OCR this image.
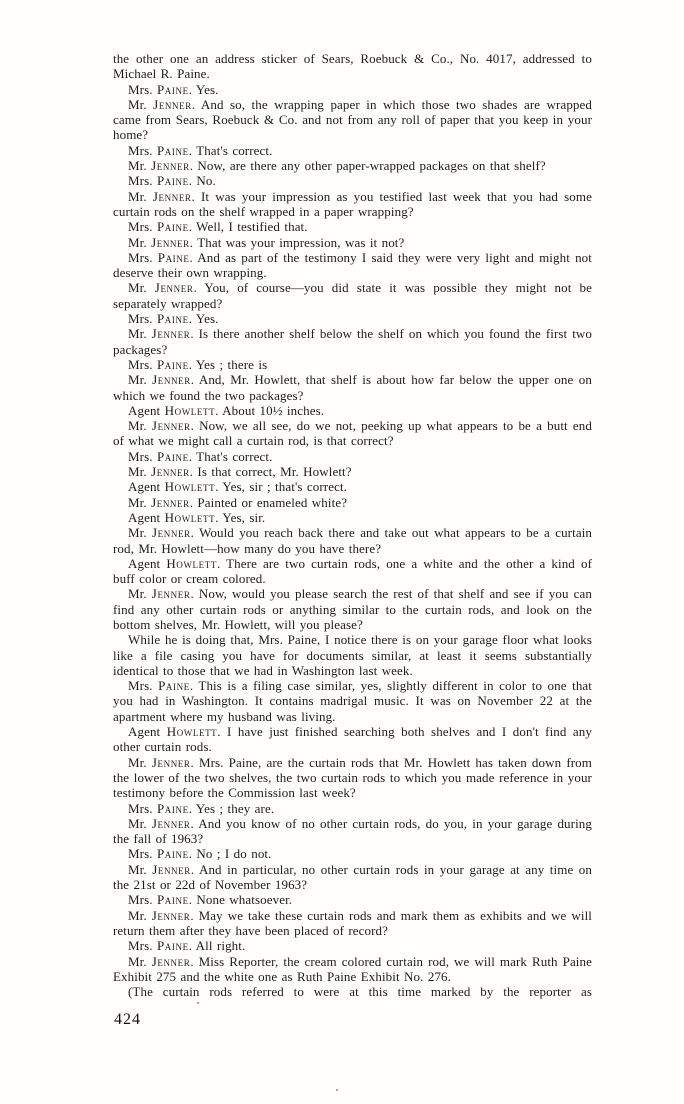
the other one an address sticker of Sears, Roebuck & Co., No. 4017, addressed to Michael R. Paine.

Mrs. Paine. Yes.

Mr. Jenner. And so, the wrapping paper in which those two shades are wrapped came from Sears, Roebuck & Co. and not from any roll of paper that you keep in your home?

Mrs. Paine. That's correct.

Mr. Jenner. Now, are there any other paper-wrapped packages on that shelf?

Mrs. Paine. No.

Mr. Jenner. It was your impression as you testified last week that you had some curtain rods on the shelf wrapped in a paper wrapping?

Mrs. Paine. Well, I testified that.

Mr. Jenner. That was your impression, was it not?

Mrs. Paine. And as part of the testimony I said they were very light and might not deserve their own wrapping.

Mr. Jenner. You, of course—you did state it was possible they might not be separately wrapped?

Mrs. Paine. Yes.

Mr. Jenner. Is there another shelf below the shelf on which you found the first two packages?

Mrs. Paine. Yes ; there is

Mr. Jenner. And, Mr. Howlett, that shelf is about how far below the upper one on which we found the two packages?

Agent Howlett. About 10½ inches.

Mr. Jenner. Now, we all see, do we not, peeking up what appears to be a butt end of what we might call a curtain rod, is that correct?

Mrs. Paine. That's correct.

Mr. Jenner. Is that correct, Mr. Howlett?

Agent Howlett. Yes, sir ; that's correct.

Mr. Jenner. Painted or enameled white?

Agent Howlett. Yes, sir.

Mr. Jenner. Would you reach back there and take out what appears to be a curtain rod, Mr. Howlett—how many do you have there?

Agent Howlett. There are two curtain rods, one a white and the other a kind of buff color or cream colored.

Mr. Jenner. Now, would you please search the rest of that shelf and see if you can find any other curtain rods or anything similar to the curtain rods, and look on the bottom shelves, Mr. Howlett, will you please?

While he is doing that, Mrs. Paine, I notice there is on your garage floor what looks like a file casing you have for documents similar, at least it seems substantially identical to those that we had in Washington last week.

Mrs. Paine. This is a filing case similar, yes, slightly different in color to one that you had in Washington. It contains madrigal music. It was on November 22 at the apartment where my husband was living.

Agent Howlett. I have just finished searching both shelves and I don't find any other curtain rods.

Mr. Jenner. Mrs. Paine, are the curtain rods that Mr. Howlett has taken down from the lower of the two shelves, the two curtain rods to which you made reference in your testimony before the Commission last week?

Mrs. Paine. Yes ; they are.

Mr. Jenner. And you know of no other curtain rods, do you, in your garage during the fall of 1963?

Mrs. Paine. No ; I do not.

Mr. Jenner. And in particular, no other curtain rods in your garage at any time on the 21st or 22d of November 1963?

Mrs. Paine. None whatsoever.

Mr. Jenner. May we take these curtain rods and mark them as exhibits and we will return them after they have been placed of record?

Mrs. Paine. All right.

Mr. Jenner. Miss Reporter, the cream colored curtain rod, we will mark Ruth Paine Exhibit 275 and the white one as Ruth Paine Exhibit No. 276.

(The curtain rods referred to were at this time marked by the reporter as

424
